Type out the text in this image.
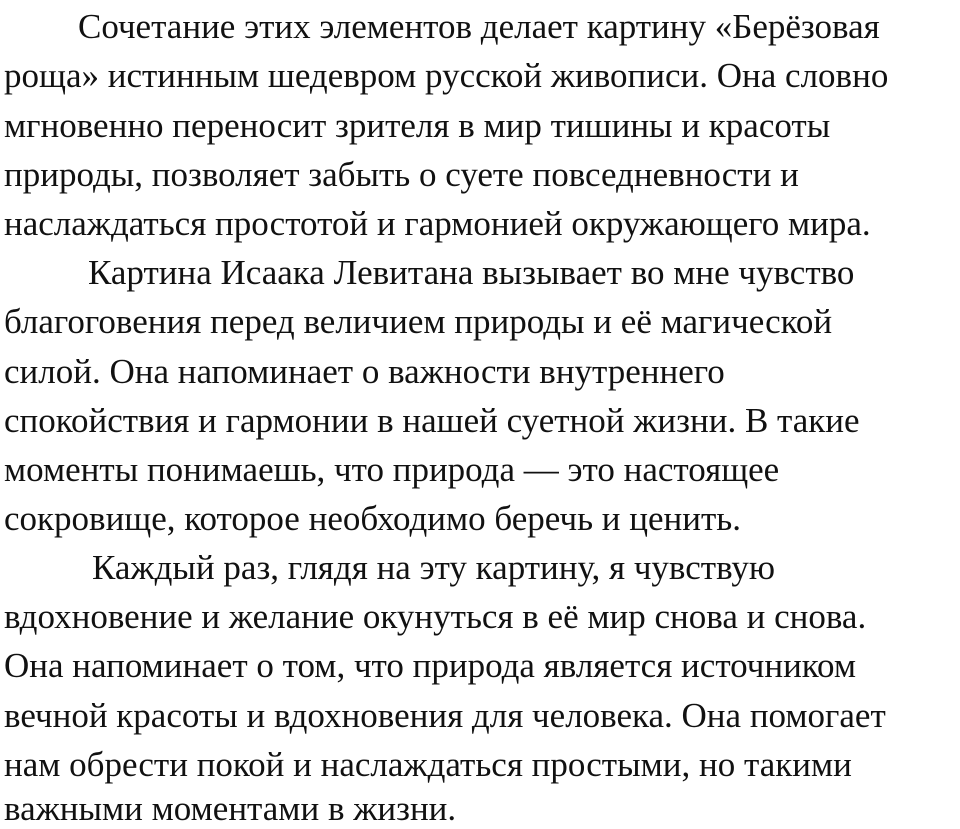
Сочетание этих элементов делает картину «Берёзовая

роща» истинным шедевром русской живописи. Она словно

мгновенно переносит зрителя в мир тишины и красоты

природы, позволяет забыть о суете повседневности и

наслаждаться простотой и гармонией окружающего мира.

Картина Исаака Левитана вызывает во мне чувство

благоговения перед величием природы и её магической

силой. Она напоминает о важности внутреннего

спокойствия и гармонии в нашей суетной жизни. В такие

моменты понимаешь, что природа — это настоящее

сокровище, которое необходимо беречь и ценить.

Каждый раз, глядя на эту картину, я чувствую

вдохновение и желание окунуться в её мир снова и снова.

Она напоминает о том, что природа является источником

вечной красоты и вдохновения для человека. Она помогает

нам обрести покой и наслаждаться простыми, но такими

важными моментами в жизни.
